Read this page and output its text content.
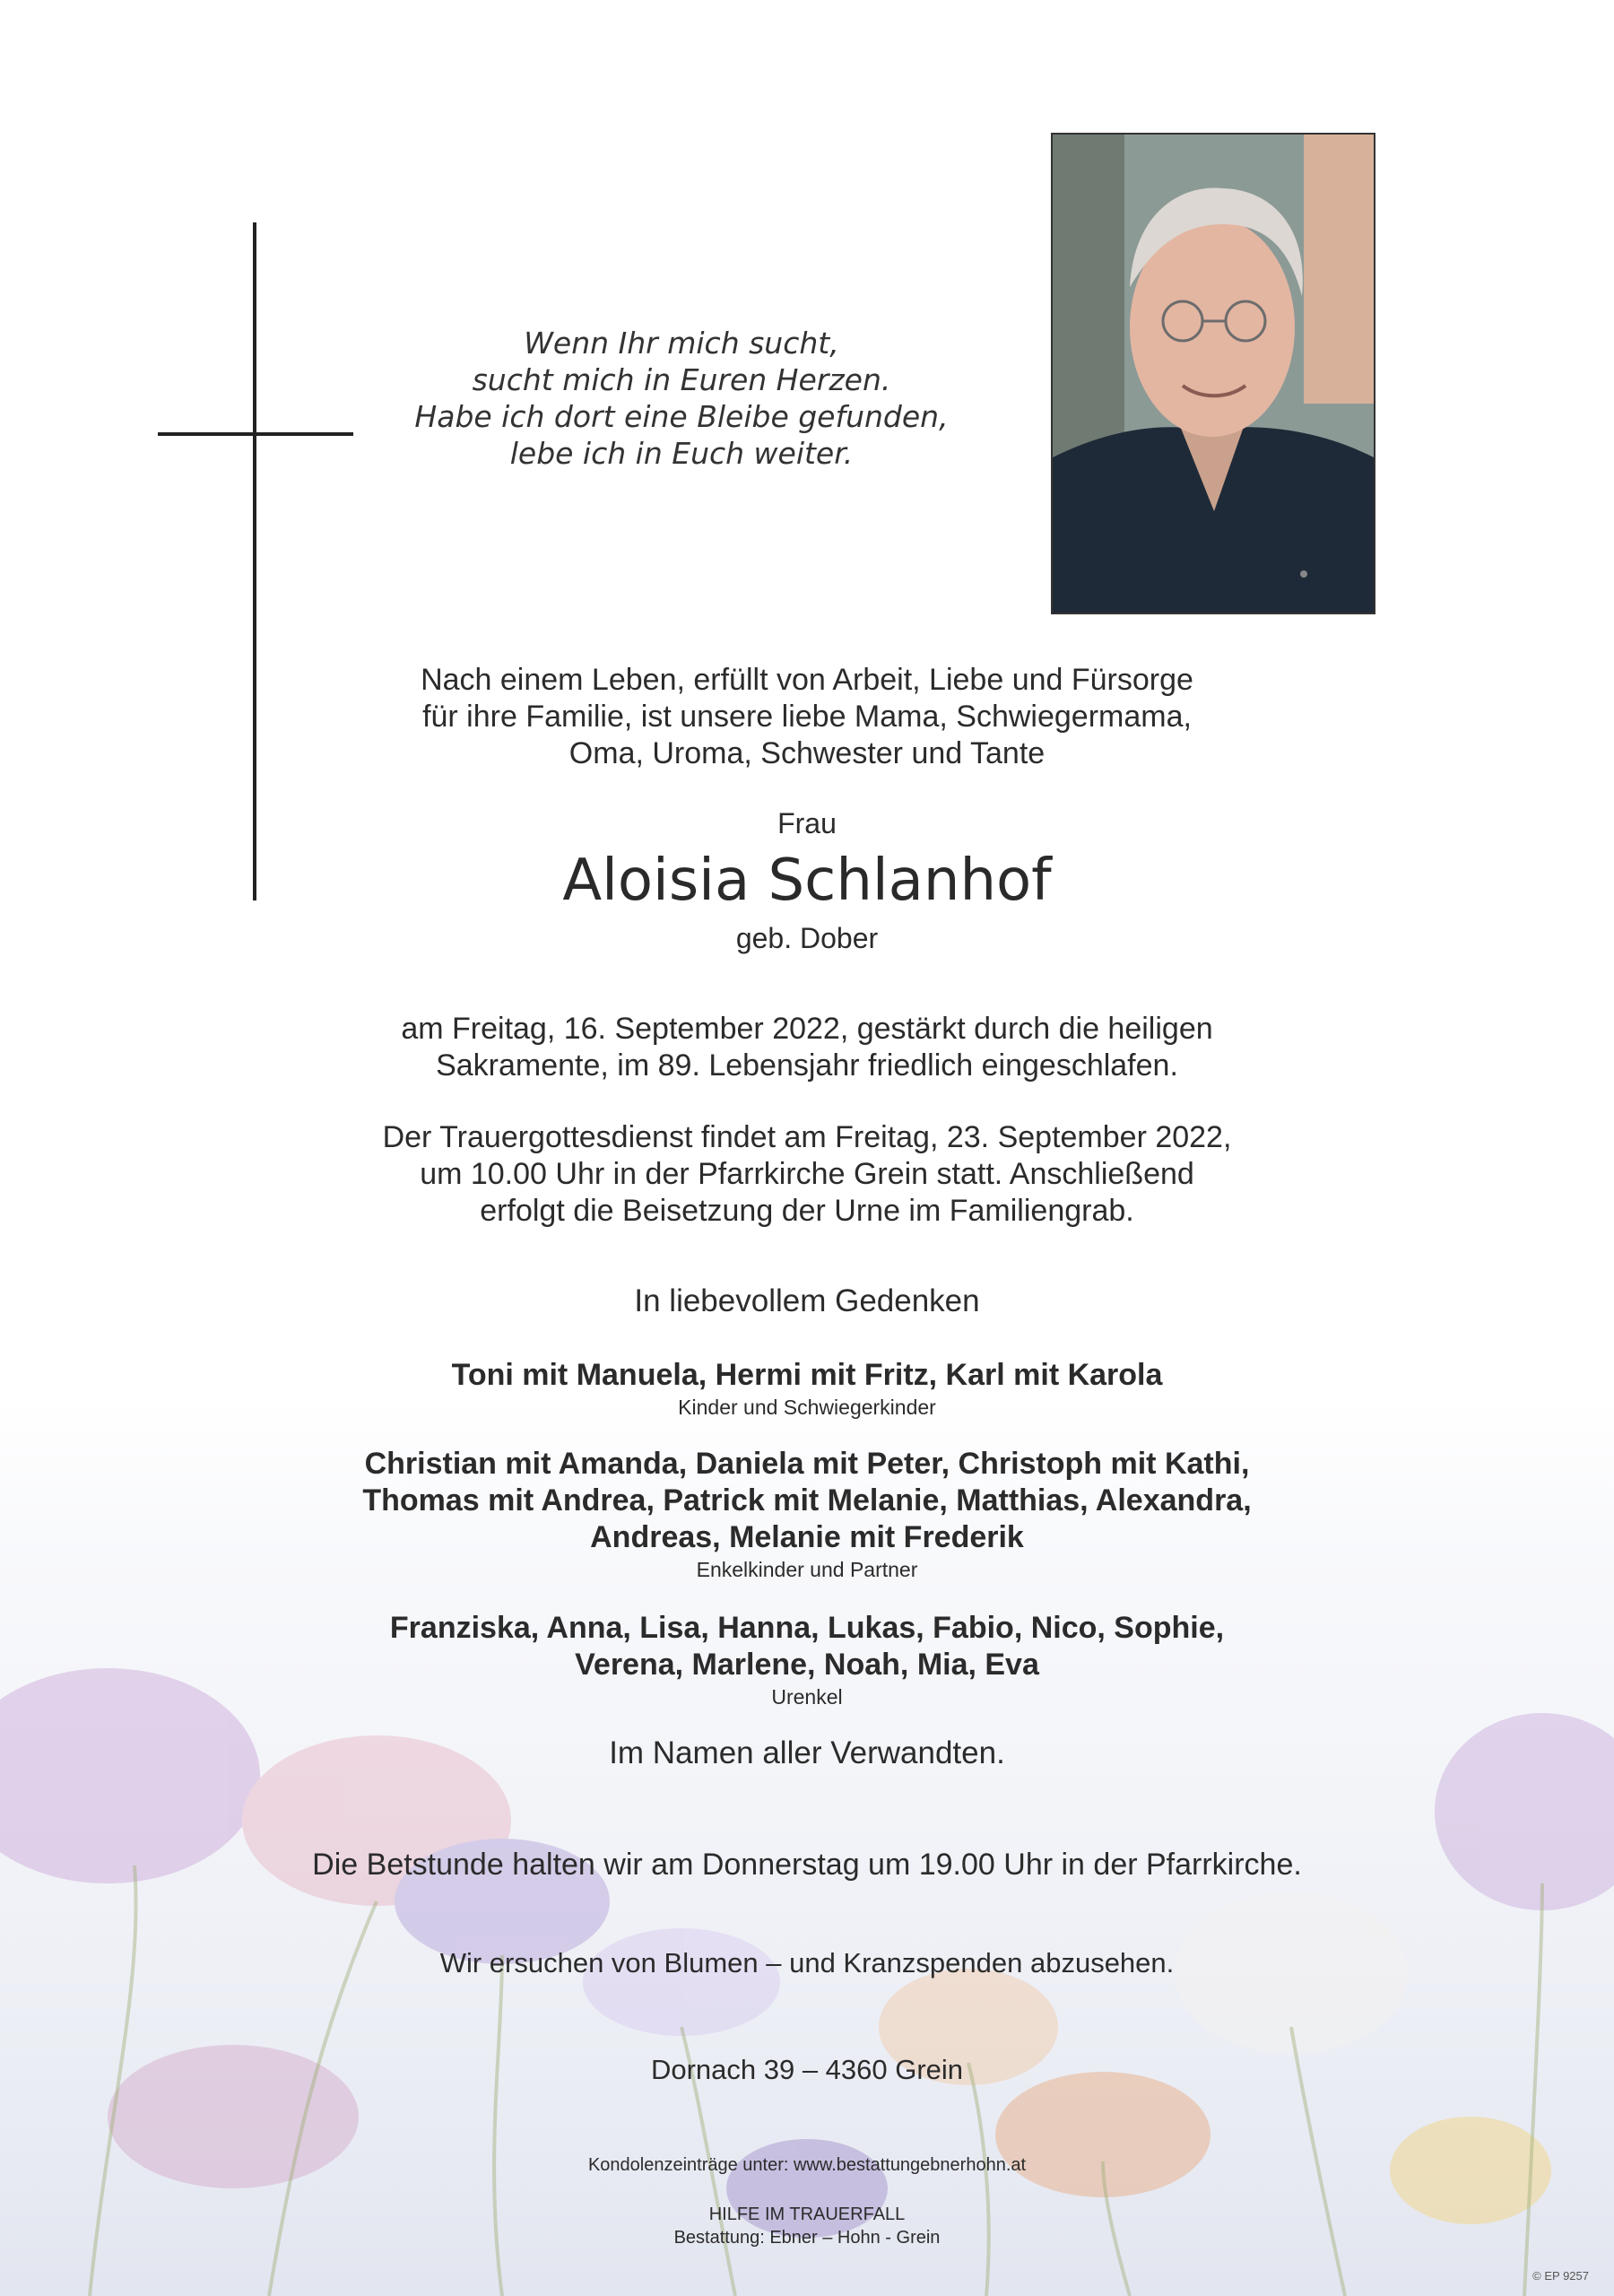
Wenn Ihr mich sucht,
sucht mich in Euren Herzen.
Habe ich dort eine Bleibe gefunden,
lebe ich in Euch weiter.
Nach einem Leben, erfüllt von Arbeit, Liebe und Fürsorge
für ihre Familie, ist unsere liebe Mama, Schwiegermama,
Oma, Uroma, Schwester und Tante
Frau
Aloisia Schlanhof
geb. Dober
am Freitag, 16. September 2022, gestärkt durch die heiligen
Sakramente, im 89. Lebensjahr friedlich eingeschlafen.
Der Trauergottesdienst findet am Freitag, 23. September 2022,
um 10.00 Uhr in der Pfarrkirche Grein statt. Anschließend
erfolgt die Beisetzung der Urne im Familiengrab.
In liebevollem Gedenken
Toni mit Manuela, Hermi mit Fritz, Karl mit Karola
Kinder und Schwiegerkinder
Christian mit Amanda, Daniela mit Peter, Christoph mit Kathi,
Thomas mit Andrea, Patrick mit Melanie, Matthias, Alexandra,
Andreas, Melanie mit Frederik
Enkelkinder und Partner
Franziska, Anna, Lisa, Hanna, Lukas, Fabio, Nico, Sophie,
Verena, Marlene, Noah, Mia, Eva
Urenkel
Im Namen aller Verwandten.
Die Betstunde halten wir am Donnerstag um 19.00 Uhr in der Pfarrkirche.
Wir ersuchen von Blumen – und Kranzspenden abzusehen.
Dornach 39 – 4360 Grein
Kondolenzeinträge unter: www.bestattungebnerhohn.at
HILFE IM TRAUERFALL
Bestattung: Ebner – Hohn - Grein
© EP 9257
